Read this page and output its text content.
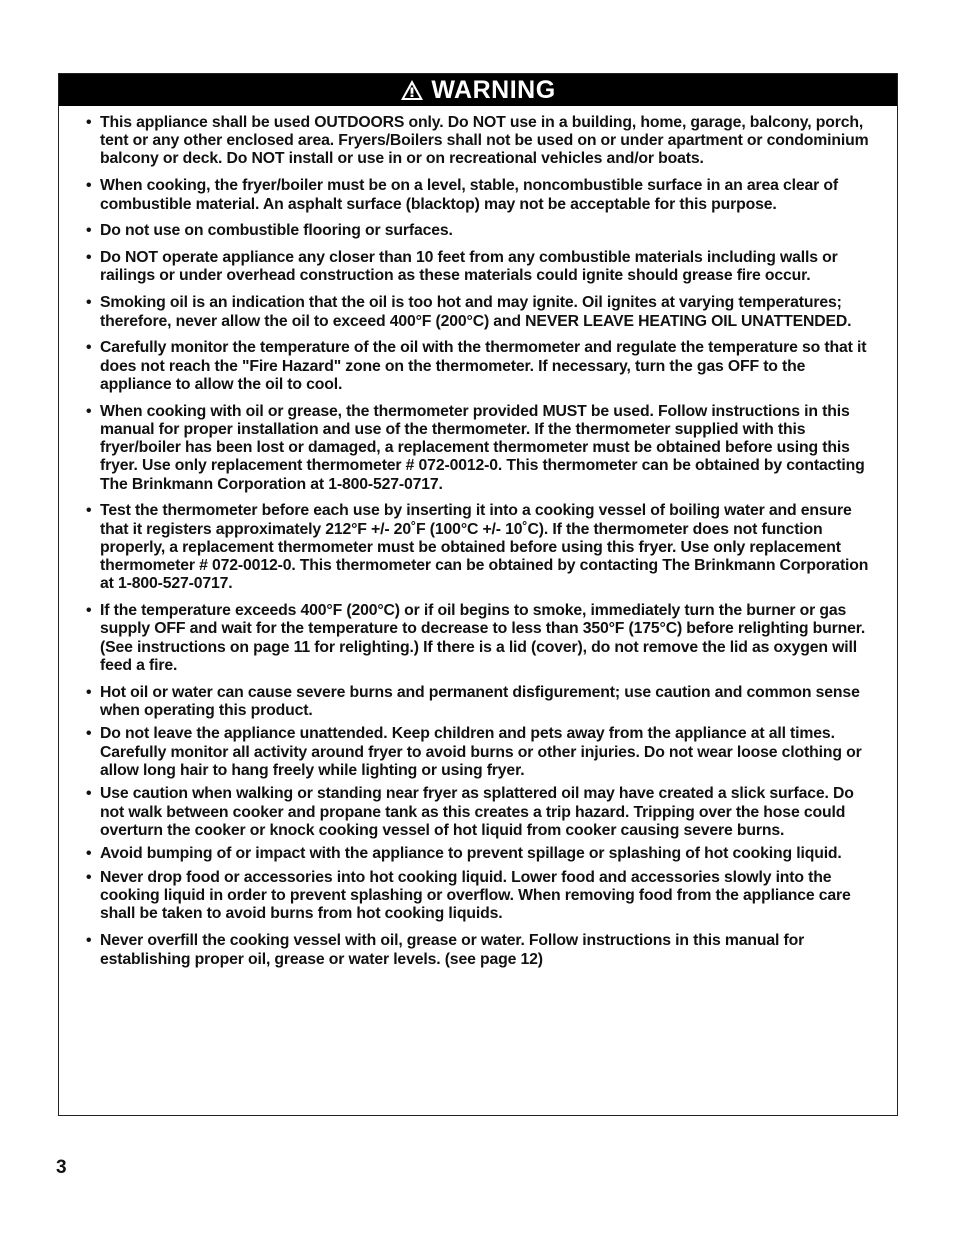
WARNING
• This appliance shall be used OUTDOORS only. Do NOT use in a building, home, garage, balcony, porch, tent or any other enclosed area. Fryers/Boilers shall not be used on or under apartment or condominium balcony or deck. Do NOT install or use in or on recreational vehicles and/or boats.
• When cooking, the fryer/boiler must be on a level, stable, noncombustible surface in an area clear of combustible material. An asphalt surface (blacktop) may not be acceptable for this purpose.
• Do not use on combustible flooring or surfaces.
• Do NOT operate appliance any closer than 10 feet from any combustible materials including walls or railings or under overhead construction as these materials could ignite should grease fire occur.
• Smoking oil is an indication that the oil is too hot and may ignite. Oil ignites at varying temperatures; therefore, never allow the oil to exceed 400°F (200°C) and NEVER LEAVE HEATING OIL UNATTENDED.
• Carefully monitor the temperature of the oil with the thermometer and regulate the temperature so that it does not reach the "Fire Hazard" zone on the thermometer. If necessary, turn the gas OFF to the appliance to allow the oil to cool.
• When cooking with oil or grease, the thermometer provided MUST be used. Follow instructions in this manual for proper installation and use of the thermometer. If the thermometer supplied with this fryer/boiler has been lost or damaged, a replacement thermometer must be obtained before using this fryer. Use only replacement thermometer # 072-0012-0. This thermometer can be obtained by contacting The Brinkmann Corporation at 1-800-527-0717.
• Test the thermometer before each use by inserting it into a cooking vessel of boiling water and ensure that it registers approximately 212°F +/- 20˚F (100°C +/- 10˚C). If the thermometer does not function properly, a replacement thermometer must be obtained before using this fryer. Use only replacement thermometer # 072-0012-0. This thermometer can be obtained by contacting The Brinkmann Corporation at 1-800-527-0717.
• If the temperature exceeds 400°F (200°C) or if oil begins to smoke, immediately turn the burner or gas supply OFF and wait for the temperature to decrease to less than 350°F (175°C) before relighting burner. (See instructions on page 11 for relighting.) If there is a lid (cover), do not remove the lid as oxygen will feed a fire.
• Hot oil or water can cause severe burns and permanent disfigurement; use caution and common sense when operating this product.
• Do not leave the appliance unattended. Keep children and pets away from the appliance at all times. Carefully monitor all activity around fryer to avoid burns or other injuries. Do not wear loose clothing or allow long hair to hang freely while lighting or using fryer.
• Use caution when walking or standing near fryer as splattered oil may have created a slick surface. Do not walk between cooker and propane tank as this creates a trip hazard. Tripping over the hose could overturn the cooker or knock cooking vessel of hot liquid from cooker causing severe burns.
• Avoid bumping of or impact with the appliance to prevent spillage or splashing of hot cooking liquid.
• Never drop food or accessories into hot cooking liquid. Lower food and accessories slowly into the cooking liquid in order to prevent splashing or overflow. When removing food from the appliance care shall be taken to avoid burns from hot cooking liquids.
• Never overfill the cooking vessel with oil, grease or water. Follow instructions in this manual for establishing proper oil, grease or water levels. (see page 12)
3
